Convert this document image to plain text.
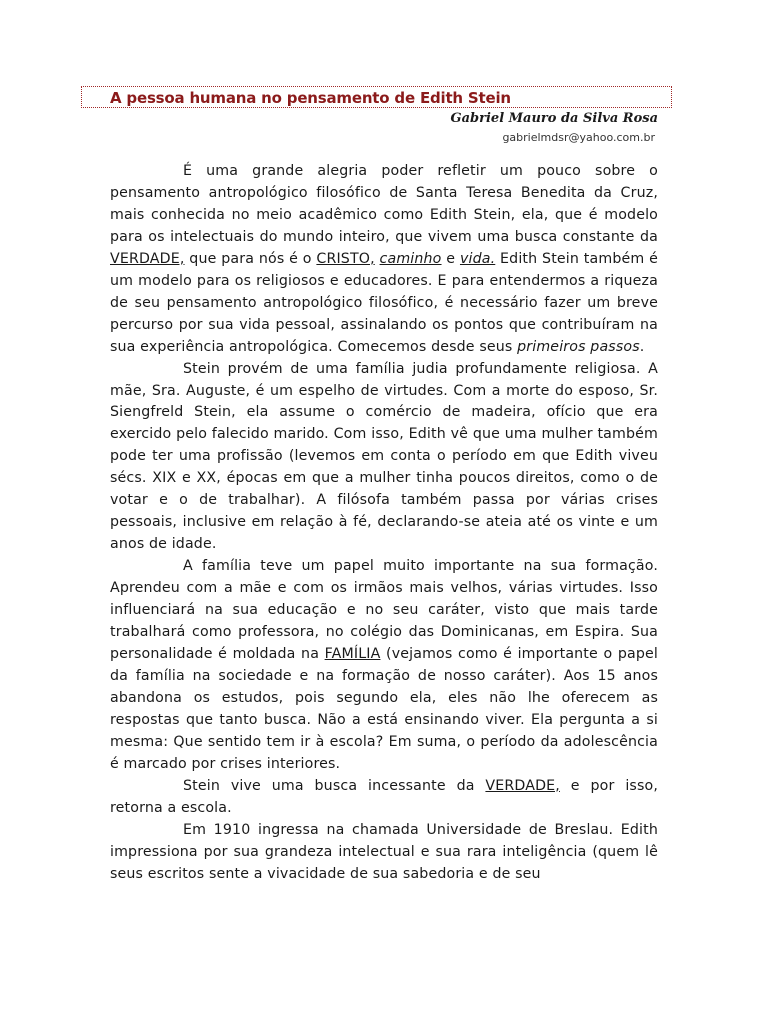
A pessoa humana no pensamento de Edith Stein
Gabriel Mauro da Silva Rosa
gabrielmdsr@yahoo.com.br

É uma grande alegria poder refletir um pouco sobre o pensamento antropológico filosófico de Santa Teresa Benedita da Cruz, mais conhecida no meio acadêmico como Edith Stein, ela, que é modelo para os intelectuais do mundo inteiro, que vivem uma busca constante da VERDADE, que para nós é o CRISTO, caminho e vida. Edith Stein também é um modelo para os religiosos e educadores. E para entendermos a riqueza de seu pensamento antropológico filosófico, é necessário fazer um breve percurso por sua vida pessoal, assinalando os pontos que contribuíram na sua experiência antropológica. Comecemos desde seus primeiros passos.

Stein provém de uma família judia profundamente religiosa. A mãe, Sra. Auguste, é um espelho de virtudes. Com a morte do esposo, Sr. Siengfreld Stein, ela assume o comércio de madeira, ofício que era exercido pelo falecido marido. Com isso, Edith vê que uma mulher também pode ter uma profissão (levemos em conta o período em que Edith viveu sécs. XIX e XX, épocas em que a mulher tinha poucos direitos, como o de votar e o de trabalhar). A filósofa também passa por várias crises pessoais, inclusive em relação à fé, declarando-se ateia até os vinte e um anos de idade.

A família teve um papel muito importante na sua formação. Aprendeu com a mãe e com os irmãos mais velhos, várias virtudes. Isso influenciará na sua educação e no seu caráter, visto que mais tarde trabalhará como professora, no colégio das Dominicanas, em Espira. Sua personalidade é moldada na FAMÍLIA (vejamos como é importante o papel da família na sociedade e na formação de nosso caráter). Aos 15 anos abandona os estudos, pois segundo ela, eles não lhe oferecem as respostas que tanto busca. Não a está ensinando viver. Ela pergunta a si mesma: Que sentido tem ir à escola? Em suma, o período da adolescência é marcado por crises interiores.

Stein vive uma busca incessante da VERDADE, e por isso, retorna a escola.

Em 1910 ingressa na chamada Universidade de Breslau. Edith impressiona por sua grandeza intelectual e sua rara inteligência (quem lê seus escritos sente a vivacidade de sua sabedoria e de seu
